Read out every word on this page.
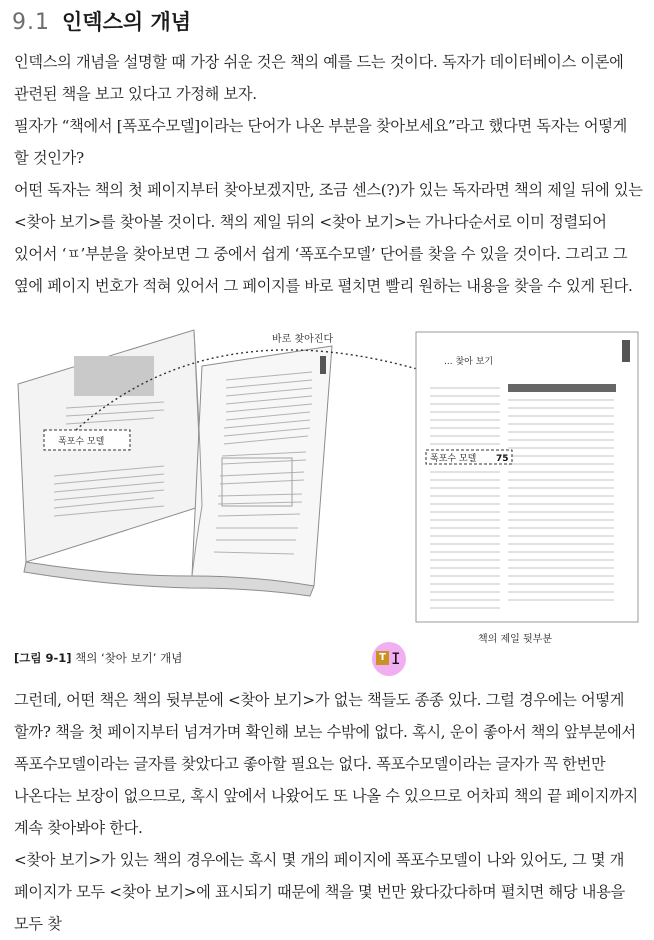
9.1 인덱스의 개념
인덱스의 개념을 설명할 때 가장 쉬운 것은 책의 예를 드는 것이다. 독자가 데이터베이스 이론에 관련된 책을 보고 있다고 가정해 보자.
필자가 “책에서 [폭포수모델]이라는 단어가 나온 부분을 찾아보세요”라고 했다면 독자는 어떻게 할 것인가?
어떤 독자는 책의 첫 페이지부터 찾아보겠지만, 조금 센스(?)가 있는 독자라면 책의 제일 뒤에 있는 <찾아 보기>를 찾아볼 것이다. 책의 제일 뒤의 <찾아 보기>는 가나다순서로 이미 정렬되어 있어서 ‘ㅍ’부분을 찾아보면 그 중에서 쉽게 ‘폭포수모델’ 단어를 찾을 수 있을 것이다. 그리고 그 옆에 페이지 번호가 적혀 있어서 그 페이지를 바로 펼치면 빨리 원하는 내용을 찾을 수 있게 된다.
폭포수 모델
... 찾아 보기
폭포수 모델 75
바로 찾아진다
책의 제일 뒷부분
[그림 9-1] 책의 ‘찾아 보기’ 개념	T I
그런데, 어떤 책은 책의 뒷부분에 <찾아 보기>가 없는 책들도 종종 있다. 그럴 경우에는 어떻게 할까? 책을 첫 페이지부터 넘겨가며 확인해 보는 수밖에 없다. 혹시, 운이 좋아서 책의 앞부분에서 폭포수모델이라는 글자를 찾았다고 좋아할 필요는 없다. 폭포수모델이라는 글자가 꼭 한번만 나온다는 보장이 없으므로, 혹시 앞에서 나왔어도 또 나올 수 있으므로 어차피 책의 끝 페이지까지 계속 찾아봐야 한다.
<찾아 보기>가 있는 책의 경우에는 혹시 몇 개의 페이지에 폭포수모델이 나와 있어도, 그 몇 개 페이지가 모두 <찾아 보기>에 표시되기 때문에 책을 몇 번만 왔다갔다하며 펼치면 해당 내용을 모두 찾
